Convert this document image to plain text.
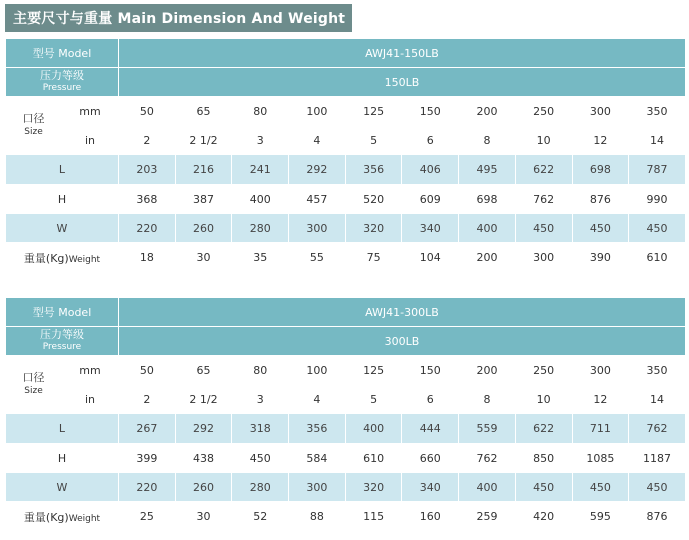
主要尺寸与重量 Main Dimension And Weight
型号 Model		AWJ41-150LB									
压力等级
Pressure		150LB									
口径
Size	mm	50	65	80	100	125	150	200	250	300	350
	in	2	2 1/2	3	4	5	6	8	10	12	14
L		203	216	241	292	356	406	495	622	698	787
H		368	387	400	457	520	609	698	762	876	990
W		220	260	280	300	320	340	400	450	450	450
重量(Kg)Weight		18	30	35	55	75	104	200	300	390	610
型号 Model		AWJ41-300LB									
压力等级
Pressure		300LB									
口径
Size	mm	50	65	80	100	125	150	200	250	300	350
	in	2	2 1/2	3	4	5	6	8	10	12	14
L		267	292	318	356	400	444	559	622	711	762
H		399	438	450	584	610	660	762	850	1085	1187
W		220	260	280	300	320	340	400	450	450	450
重量(Kg)Weight		25	30	52	88	115	160	259	420	595	876
